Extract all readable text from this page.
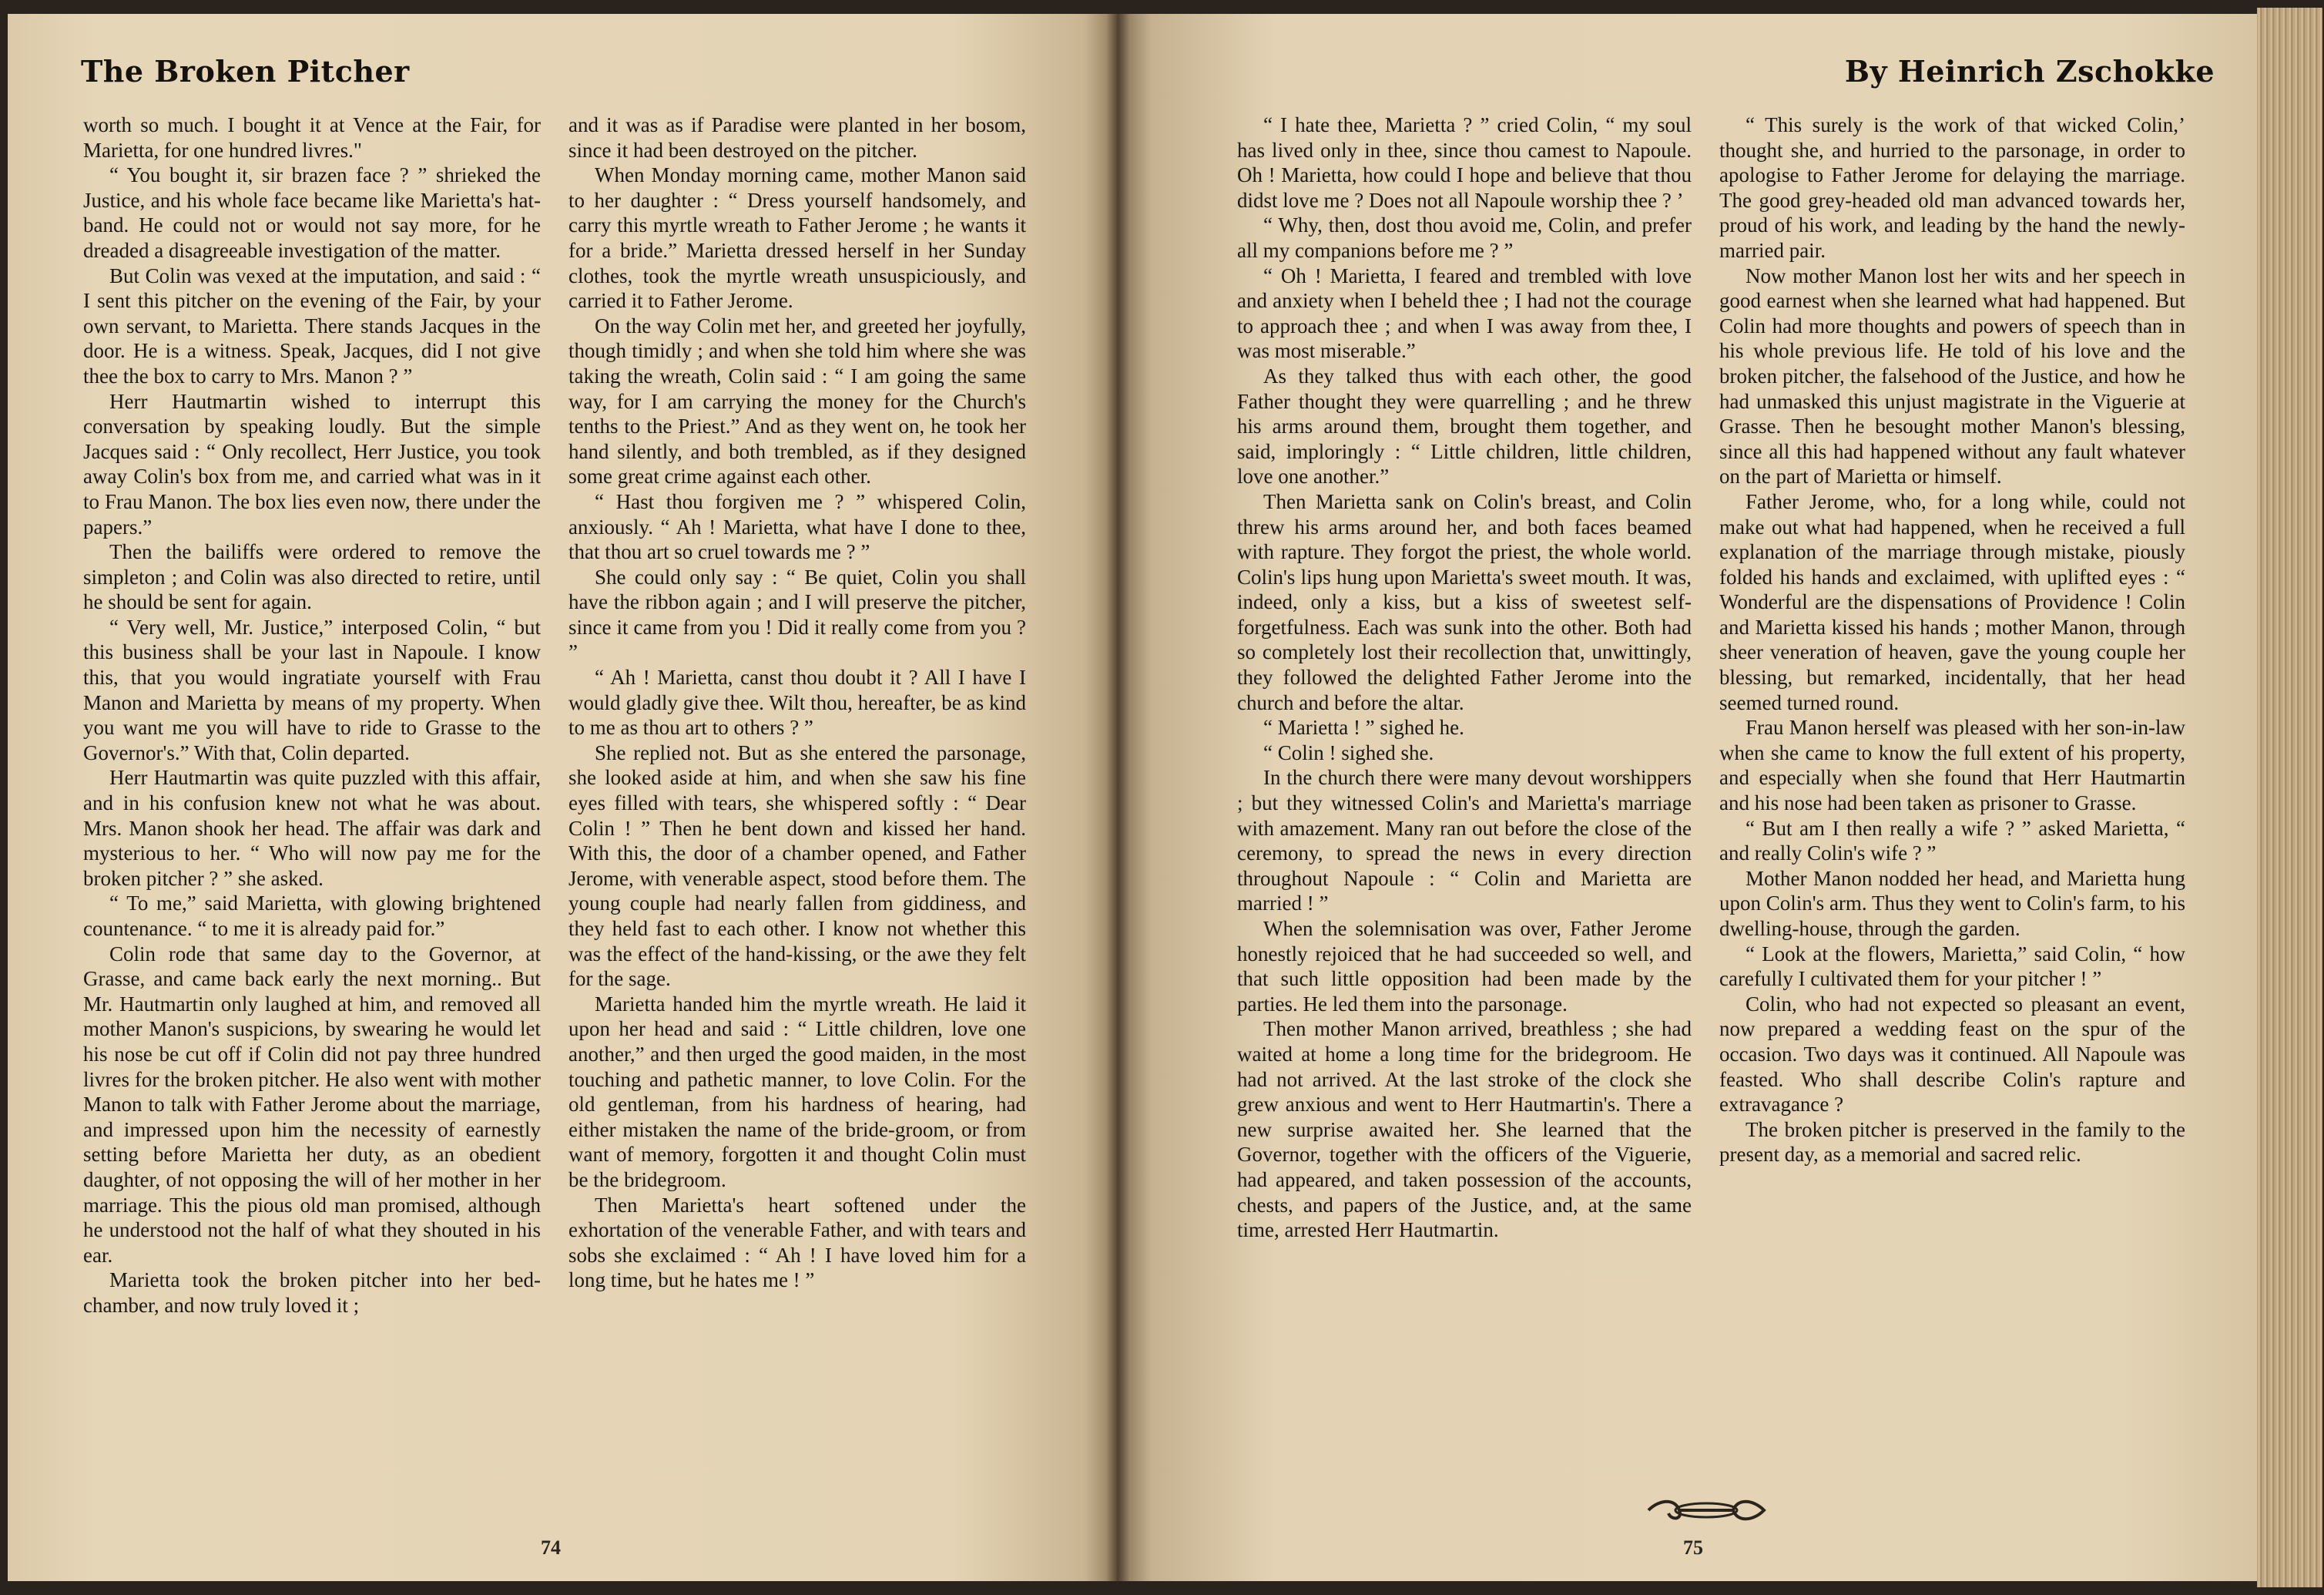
The Broken Pitcher

worth so much. I bought it at Vence at the Fair, for Marietta, for one hundred livres."

“ You bought it, sir brazen face ? ” shrieked the Justice, and his whole face became like Marietta's hat-band. He could not or would not say more, for he dreaded a disagreeable investigation of the matter.

But Colin was vexed at the imputation, and said : “ I sent this pitcher on the evening of the Fair, by your own servant, to Marietta. There stands Jacques in the door. He is a witness. Speak, Jacques, did I not give thee the box to carry to Mrs. Manon ? ”

Herr Hautmartin wished to interrupt this conversation by speaking loudly. But the simple Jacques said : “ Only recollect, Herr Justice, you took away Colin's box from me, and carried what was in it to Frau Manon. The box lies even now, there under the papers.”

Then the bailiffs were ordered to remove the simpleton ; and Colin was also directed to retire, until he should be sent for again.

“ Very well, Mr. Justice,” interposed Colin, “ but this business shall be your last in Napoule. I know this, that you would ingratiate yourself with Frau Manon and Marietta by means of my property. When you want me you will have to ride to Grasse to the Governor's.” With that, Colin departed.

Herr Hautmartin was quite puzzled with this affair, and in his confusion knew not what he was about. Mrs. Manon shook her head. The affair was dark and mysterious to her. “ Who will now pay me for the broken pitcher ? ” she asked.

“ To me,” said Marietta, with glowing brightened countenance. “ to me it is already paid for.”

Colin rode that same day to the Governor, at Grasse, and came back early the next morning.. But Mr. Hautmartin only laughed at him, and removed all mother Manon's suspicions, by swearing he would let his nose be cut off if Colin did not pay three hundred livres for the broken pitcher. He also went with mother Manon to talk with Father Jerome about the marriage, and impressed upon him the necessity of earnestly setting before Marietta her duty, as an obedient daughter, of not opposing the will of her mother in her marriage. This the pious old man promised, although he understood not the half of what they shouted in his ear.

Marietta took the broken pitcher into her bed-chamber, and now truly loved it ;

and it was as if Paradise were planted in her bosom, since it had been destroyed on the pitcher.

When Monday morning came, mother Manon said to her daughter : “ Dress yourself handsomely, and carry this myrtle wreath to Father Jerome ; he wants it for a bride.” Marietta dressed herself in her Sunday clothes, took the myrtle wreath unsuspiciously, and carried it to Father Jerome.

On the way Colin met her, and greeted her joyfully, though timidly ; and when she told him where she was taking the wreath, Colin said : “ I am going the same way, for I am carrying the money for the Church's tenths to the Priest.” And as they went on, he took her hand silently, and both trembled, as if they designed some great crime against each other.

“ Hast thou forgiven me ? ” whispered Colin, anxiously. “ Ah ! Marietta, what have I done to thee, that thou art so cruel towards me ? ”

She could only say : “ Be quiet, Colin you shall have the ribbon again ; and I will preserve the pitcher, since it came from you ! Did it really come from you ? ”

“ Ah ! Marietta, canst thou doubt it ? All I have I would gladly give thee. Wilt thou, hereafter, be as kind to me as thou art to others ? ”

She replied not. But as she entered the parsonage, she looked aside at him, and when she saw his fine eyes filled with tears, she whispered softly : “ Dear Colin ! ” Then he bent down and kissed her hand. With this, the door of a chamber opened, and Father Jerome, with venerable aspect, stood before them. The young couple had nearly fallen from giddiness, and they held fast to each other. I know not whether this was the effect of the hand-kissing, or the awe they felt for the sage.

Marietta handed him the myrtle wreath. He laid it upon her head and said : “ Little children, love one another,” and then urged the good maiden, in the most touching and pathetic manner, to love Colin. For the old gentleman, from his hardness of hearing, had either mistaken the name of the bride-groom, or from want of memory, forgotten it and thought Colin must be the bridegroom.

Then Marietta's heart softened under the exhortation of the venerable Father, and with tears and sobs she exclaimed : “ Ah ! I have loved him for a long time, but he hates me ! ”

74
By Heinrich Zschokke

“ I hate thee, Marietta ? ” cried Colin, “ my soul has lived only in thee, since thou camest to Napoule. Oh ! Marietta, how could I hope and believe that thou didst love me ? Does not all Napoule worship thee ? ’

“ Why, then, dost thou avoid me, Colin, and prefer all my companions before me ? ”

“ Oh ! Marietta, I feared and trembled with love and anxiety when I beheld thee ; I had not the courage to approach thee ; and when I was away from thee, I was most miserable.”

As they talked thus with each other, the good Father thought they were quarrelling ; and he threw his arms around them, brought them together, and said, imploringly : “ Little children, little children, love one another.”

Then Marietta sank on Colin's breast, and Colin threw his arms around her, and both faces beamed with rapture. They forgot the priest, the whole world. Colin's lips hung upon Marietta's sweet mouth. It was, indeed, only a kiss, but a kiss of sweetest self-forgetfulness. Each was sunk into the other. Both had so completely lost their recollection that, unwittingly, they followed the delighted Father Jerome into the church and before the altar.

“ Marietta ! ” sighed he.

“ Colin ! sighed she.

In the church there were many devout worshippers ; but they witnessed Colin's and Marietta's marriage with amazement. Many ran out before the close of the ceremony, to spread the news in every direction throughout Napoule : “ Colin and Marietta are married ! ”

When the solemnisation was over, Father Jerome honestly rejoiced that he had succeeded so well, and that such little opposition had been made by the parties. He led them into the parsonage.

Then mother Manon arrived, breathless ; she had waited at home a long time for the bridegroom. He had not arrived. At the last stroke of the clock she grew anxious and went to Herr Hautmartin's. There a new surprise awaited her. She learned that the Governor, together with the officers of the Viguerie, had appeared, and taken possession of the accounts, chests, and papers of the Justice, and, at the same time, arrested Herr Hautmartin.

“ This surely is the work of that wicked Colin,’ thought she, and hurried to the parsonage, in order to apologise to Father Jerome for delaying the marriage. The good grey-headed old man advanced towards her, proud of his work, and leading by the hand the newly-married pair.

Now mother Manon lost her wits and her speech in good earnest when she learned what had happened. But Colin had more thoughts and powers of speech than in his whole previous life. He told of his love and the broken pitcher, the falsehood of the Justice, and how he had unmasked this unjust magistrate in the Viguerie at Grasse. Then he besought mother Manon's blessing, since all this had happened without any fault whatever on the part of Marietta or himself.

Father Jerome, who, for a long while, could not make out what had happened, when he received a full explanation of the marriage through mistake, piously folded his hands and exclaimed, with uplifted eyes : “ Wonderful are the dispensations of Providence ! Colin and Marietta kissed his hands ; mother Manon, through sheer veneration of heaven, gave the young couple her blessing, but remarked, incidentally, that her head seemed turned round.

Frau Manon herself was pleased with her son-in-law when she came to know the full extent of his property, and especially when she found that Herr Hautmartin and his nose had been taken as prisoner to Grasse.

“ But am I then really a wife ? ” asked Marietta, “ and really Colin's wife ? ”

Mother Manon nodded her head, and Marietta hung upon Colin's arm. Thus they went to Colin's farm, to his dwelling-house, through the garden.

“ Look at the flowers, Marietta,” said Colin, “ how carefully I cultivated them for your pitcher ! ”

Colin, who had not expected so pleasant an event, now prepared a wedding feast on the spur of the occasion. Two days was it continued. All Napoule was feasted. Who shall describe Colin's rapture and extravagance ?

The broken pitcher is preserved in the family to the present day, as a memorial and sacred relic.

75
